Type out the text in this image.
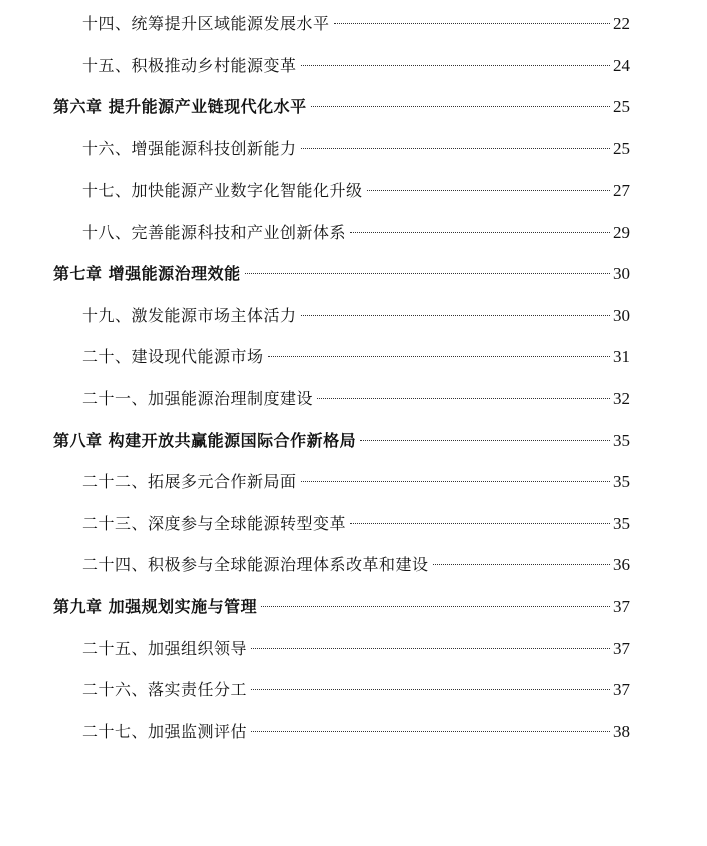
十四、统筹提升区域能源发展水平	22
十五、积极推动乡村能源变革	24
第六章 提升能源产业链现代化水平	25
十六、增强能源科技创新能力	25
十七、加快能源产业数字化智能化升级	27
十八、完善能源科技和产业创新体系	29
第七章 增强能源治理效能	30
十九、激发能源市场主体活力	30
二十、建设现代能源市场	31
二十一、加强能源治理制度建设	32
第八章 构建开放共赢能源国际合作新格局	35
二十二、拓展多元合作新局面	35
二十三、深度参与全球能源转型变革	35
二十四、积极参与全球能源治理体系改革和建设	36
第九章 加强规划实施与管理	37
二十五、加强组织领导	37
二十六、落实责任分工	37
二十七、加强监测评估	38
